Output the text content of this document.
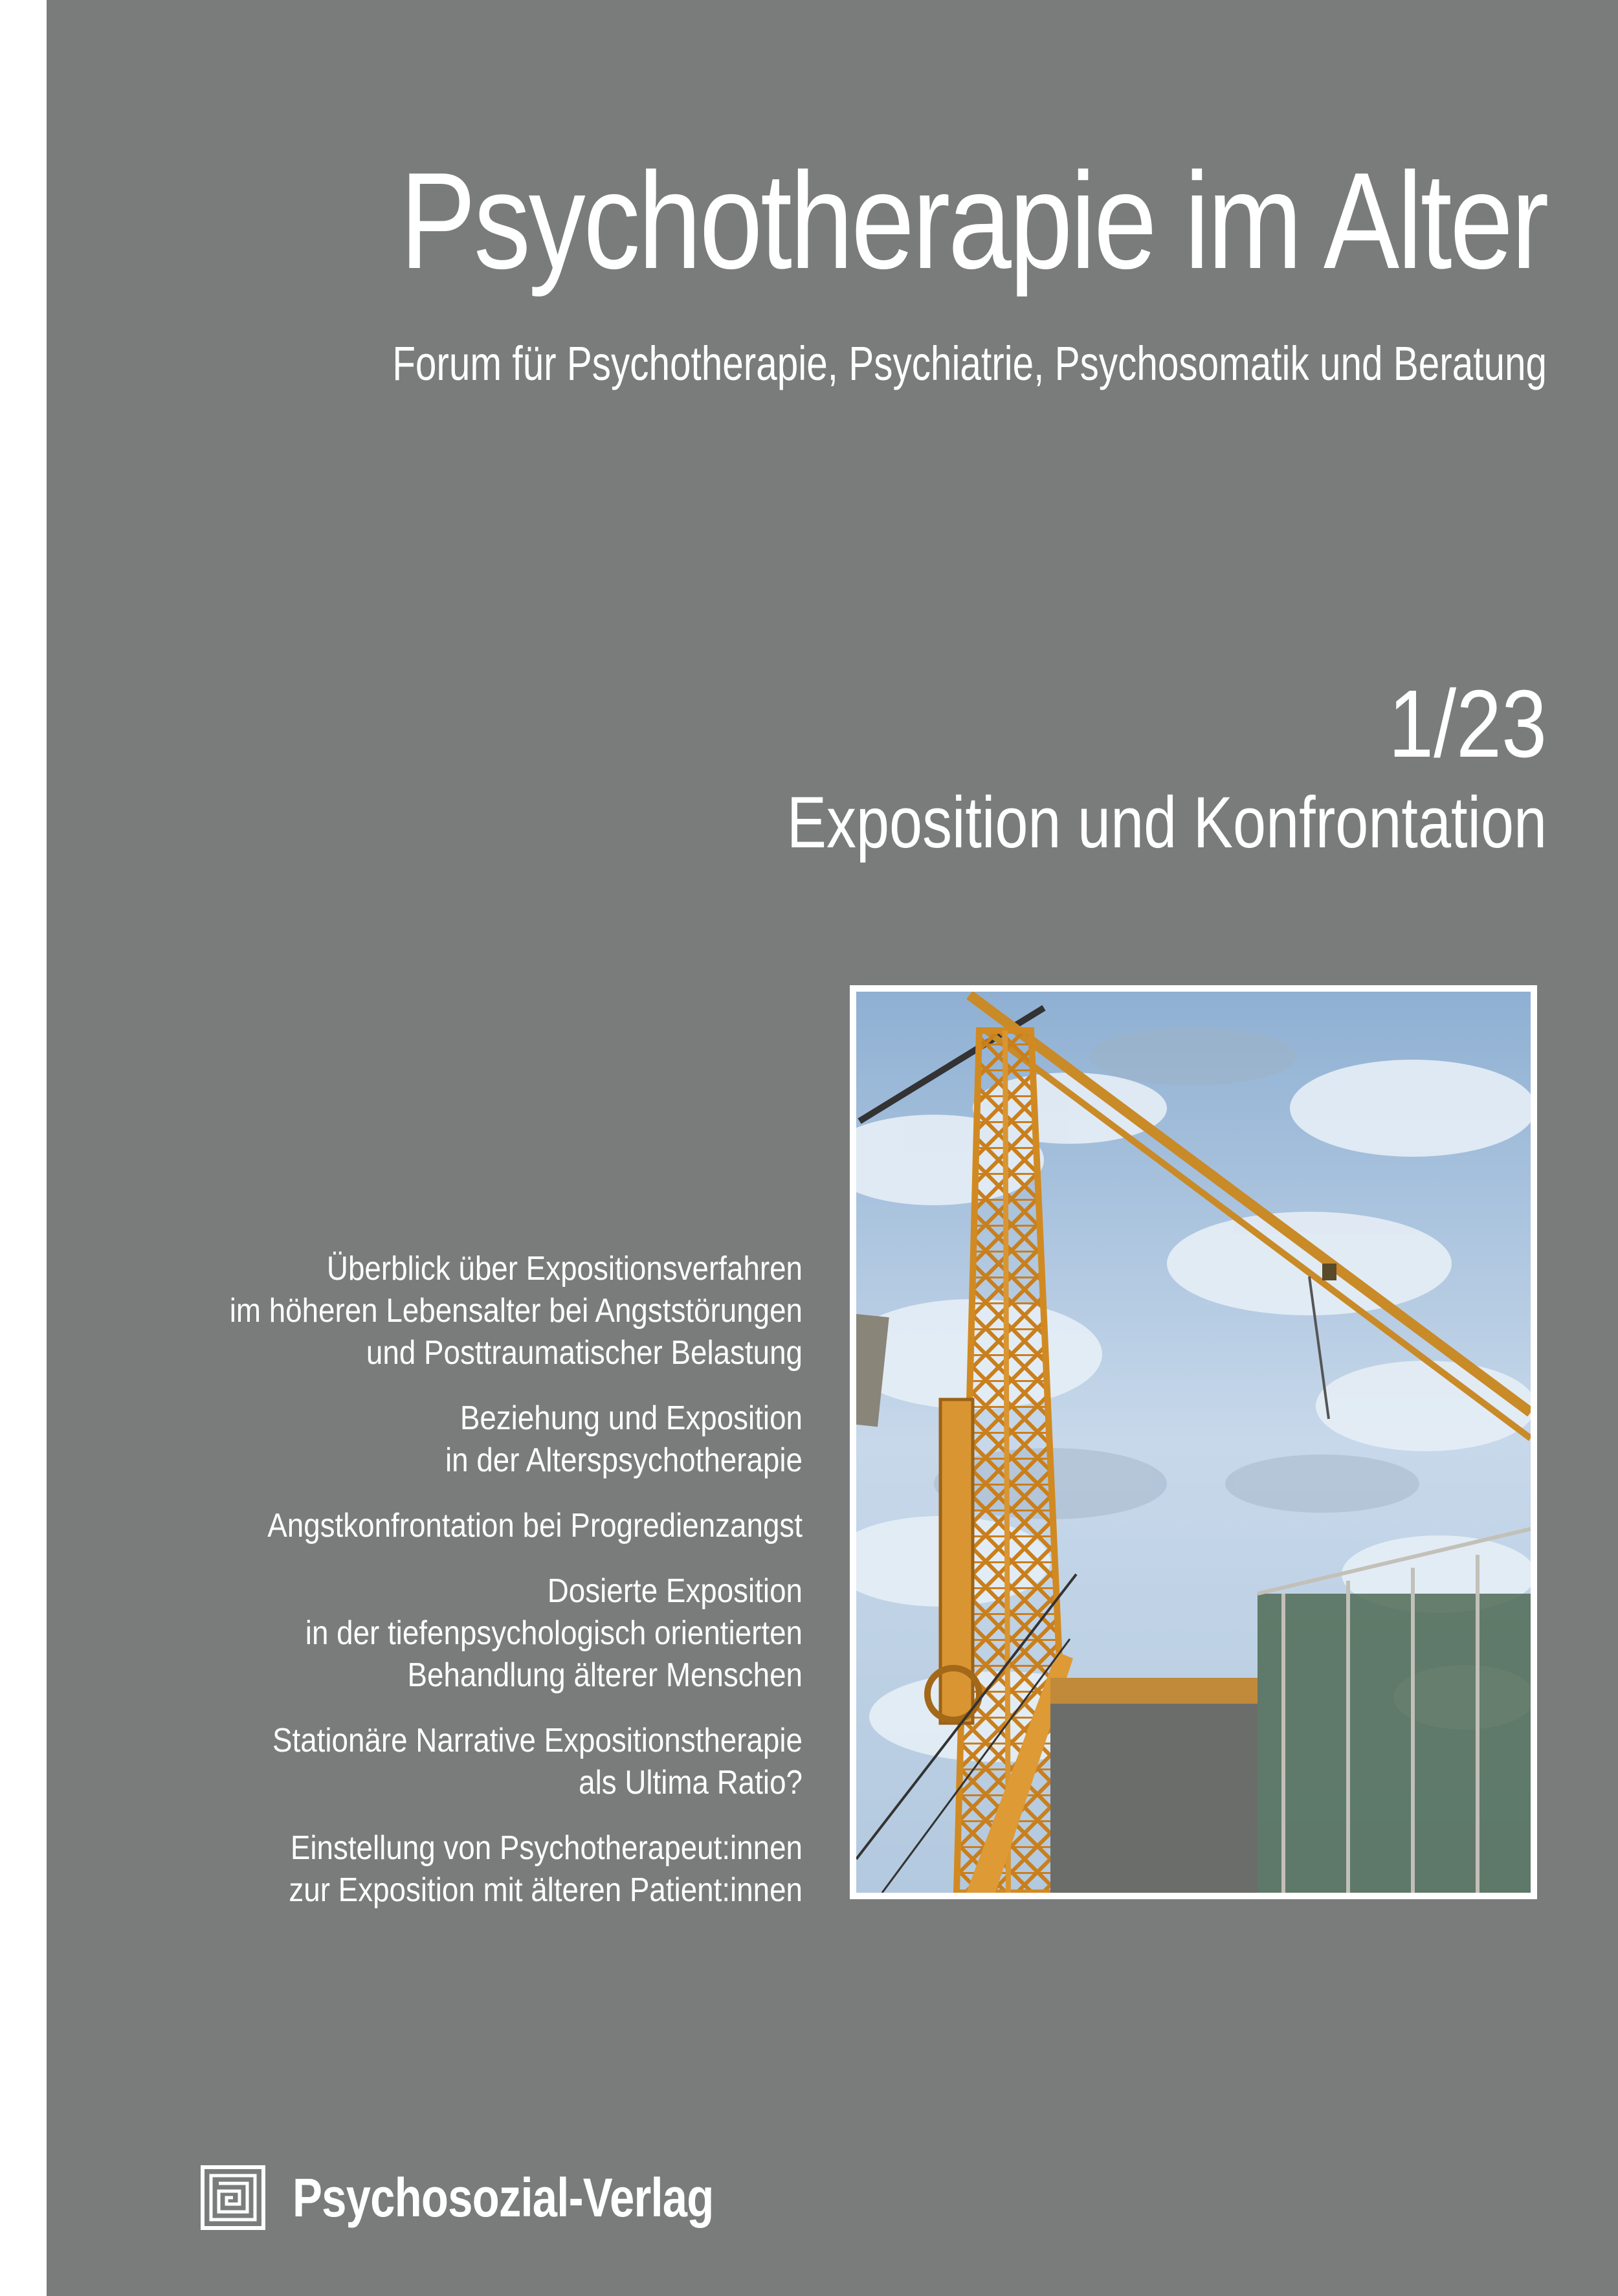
Psychotherapie im Alter
Forum für Psychotherapie, Psychiatrie, Psychosomatik und Beratung
1/23
Exposition und Konfrontation
Überblick über Expositionsverfahren
im höheren Lebensalter bei Angststörungen
und Posttraumatischer Belastung
Beziehung und Exposition
in der Alterspsychotherapie
Angstkonfrontation bei Progredienzangst
Dosierte Exposition
in der tiefenpsychologisch orientierten
Behandlung älterer Menschen
Stationäre Narrative Expositionstherapie
als Ultima Ratio?
Einstellung von Psychotherapeut:innen
zur Exposition mit älteren Patient:innen
Psychosozial-Verlag
